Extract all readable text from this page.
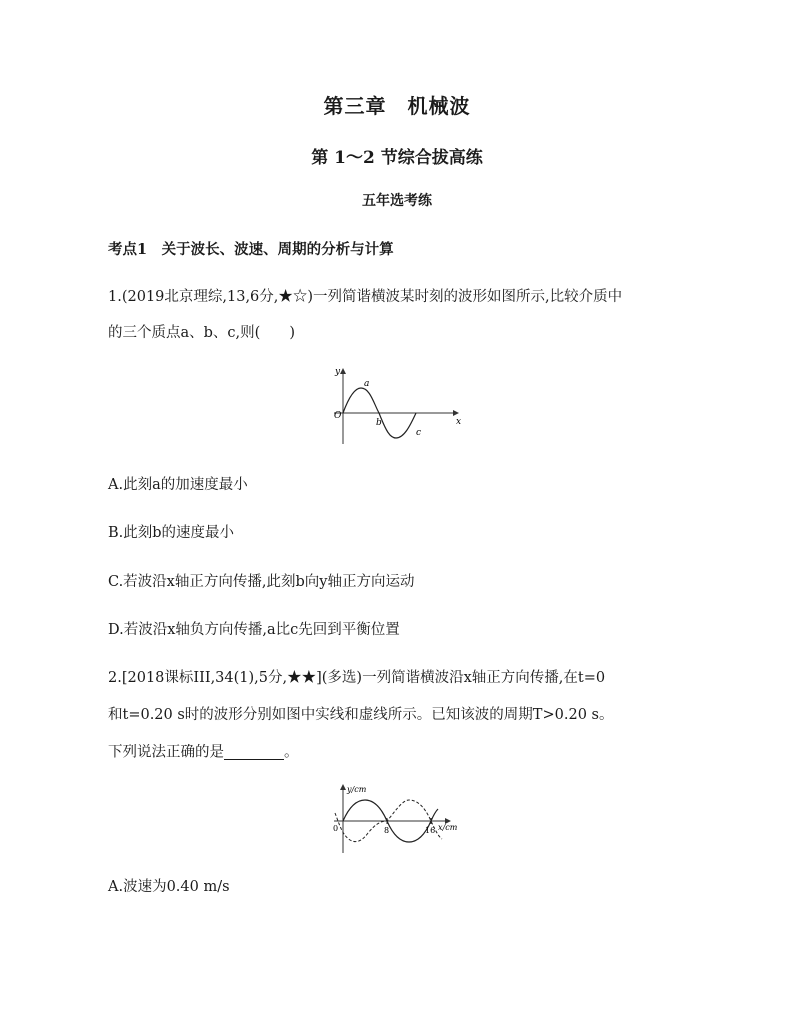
第三章　机械波
第 1～2 节综合拔高练
五年选考练
考点1　关于波长、波速、周期的分析与计算
1.(2019北京理综,13,6分,★☆)一列简谐横波某时刻的波形如图所示,比较介质中
的三个质点a、b、c,则(　　)
y
x
O
a
b
c
A.此刻a的加速度最小
B.此刻b的速度最小
C.若波沿x轴正方向传播,此刻b向y轴正方向运动
D.若波沿x轴负方向传播,a比c先回到平衡位置
2.[2018课标III,34(1),5分,★★](多选)一列简谐横波沿x轴正方向传播,在t=0
和t=0.20 s时的波形分别如图中实线和虚线所示。已知该波的周期T>0.20 s。
下列说法正确的是	。
y/cm
x/cm
0	8	16
A.波速为0.40 m/s
